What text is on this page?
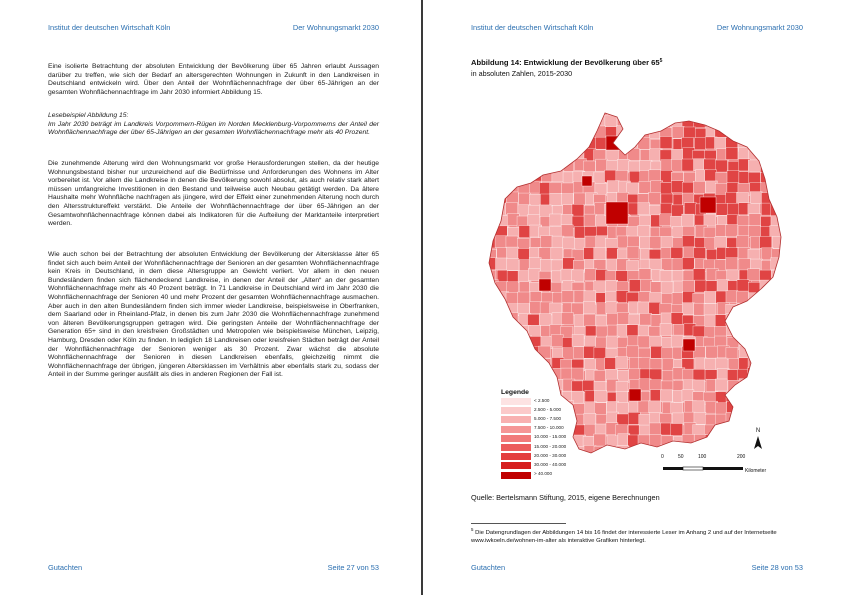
Institut der deutschen Wirtschaft Köln	Der Wohnungsmarkt 2030

Eine isolierte Betrachtung der absoluten Entwicklung der Bevölkerung über 65 Jahren erlaubt Aussagen darüber zu treffen, wie sich der Bedarf an altersgerechten Wohnungen in Zukunft in den Landkreisen in Deutschland entwickeln wird. Über den Anteil der Wohnflächennachfrage der über 65-Jährigen an der gesamten Wohnflächennachfrage im Jahr 2030 informiert Abbildung 15.

Lesebeispiel Abbildung 15:

Im Jahr 2030 beträgt im Landkreis Vorpommern-Rügen im Norden Mecklenburg-Vorpommerns der Anteil der Wohnflächennachfrage der über 65-Jährigen an der gesamten Wohnflächennachfrage mehr als 40 Prozent.

Die zunehmende Alterung wird den Wohnungsmarkt vor große Herausforderungen stellen, da der heutige Wohnungsbestand bisher nur unzureichend auf die Bedürfnisse und Anforderungen des Wohnens im Alter vorbereitet ist. Vor allem die Landkreise in denen die Bevölkerung sowohl absolut, als auch relativ stark altert müssen umfangreiche Investitionen in den Bestand und teilweise auch Neubau getätigt werden. Da ältere Haushalte mehr Wohnfläche nachfragen als jüngere, wird der Effekt einer zunehmenden Alterung noch durch den Altersstruktureffekt verstärkt. Die Anteile der Wohnflächennachfrage der über 65-Jährigen an der Gesamtwohnflächennachfrage können dabei als Indikatoren für die Aufteilung der Marktanteile interpretiert werden.

Wie auch schon bei der Betrachtung der absoluten Entwicklung der Bevölkerung der Altersklasse älter 65 findet sich auch beim Anteil der Wohnflächennachfrage der Senioren an der gesamten Wohnflächennachfrage kein Kreis in Deutschland, in dem diese Altersgruppe an Gewicht verliert. Vor allem in den neuen Bundesländern finden sich flächendeckend Landkreise, in denen der Anteil der „Alten“ an der gesamten Wohnflächennachfrage mehr als 40 Prozent beträgt. In 71 Landkreise in Deutschland wird im Jahr 2030 die Wohnflächennachfrage der Senioren 40 und mehr Prozent der gesamten Wohnflächennachfrage ausmachen. Aber auch in den alten Bundesländern finden sich immer wieder Landkreise, beispielsweise in Oberfranken, dem Saarland oder in Rheinland-Pfalz, in denen bis zum Jahr 2030 die Wohnflächennachfrage zunehmend von älteren Bevölkerungsgruppen getragen wird. Die geringsten Anteile der Wohnflächennachfrage der Generation 65+ sind in den kreisfreien Großstädten und Metropolen wie beispielsweise München, Leipzig, Hamburg, Dresden oder Köln zu finden. In lediglich 18 Landkreisen oder kreisfreien Städten beträgt der Anteil der Wohnflächennachfrage der Senioren weniger als 30 Prozent. Zwar wächst die absolute Wohnflächennachfrage der Senioren in diesen Landkreisen ebenfalls, gleichzeitig nimmt die Wohnflächennachfrage der übrigen, jüngeren Altersklassen im Verhältnis aber ebenfalls stark zu, sodass der Anteil in der Summe geringer ausfällt als dies in anderen Regionen der Fall ist.

Gutachten	Seite 27 von 53
Institut der deutschen Wirtschaft Köln	Der Wohnungsmarkt 2030
Abbildung 14: Entwicklung der Bevölkerung über $65^5$
in absoluten Zahlen, 2015-2030
Legende
< 2.500
2.500 - 5.000
5.000 - 7.500
7.500 - 10.000
10.000 - 15.000
15.000 - 20.000
20.000 - 30.000
30.000 - 40.000
> 40.000
N
0	50	100	200
Kilometer
Quelle: Bertelsmann Stiftung, 2015, eigene Berechnungen
$^5$ Die Datengrundlagen der Abbildungen 14 bis 16 findet der interessierte Leser im Anhang 2 und auf der Internetseite www.iwkoeln.de/wohnen-im-alter als interaktive Grafiken hinterlegt.
Gutachten	Seite 28 von 53
